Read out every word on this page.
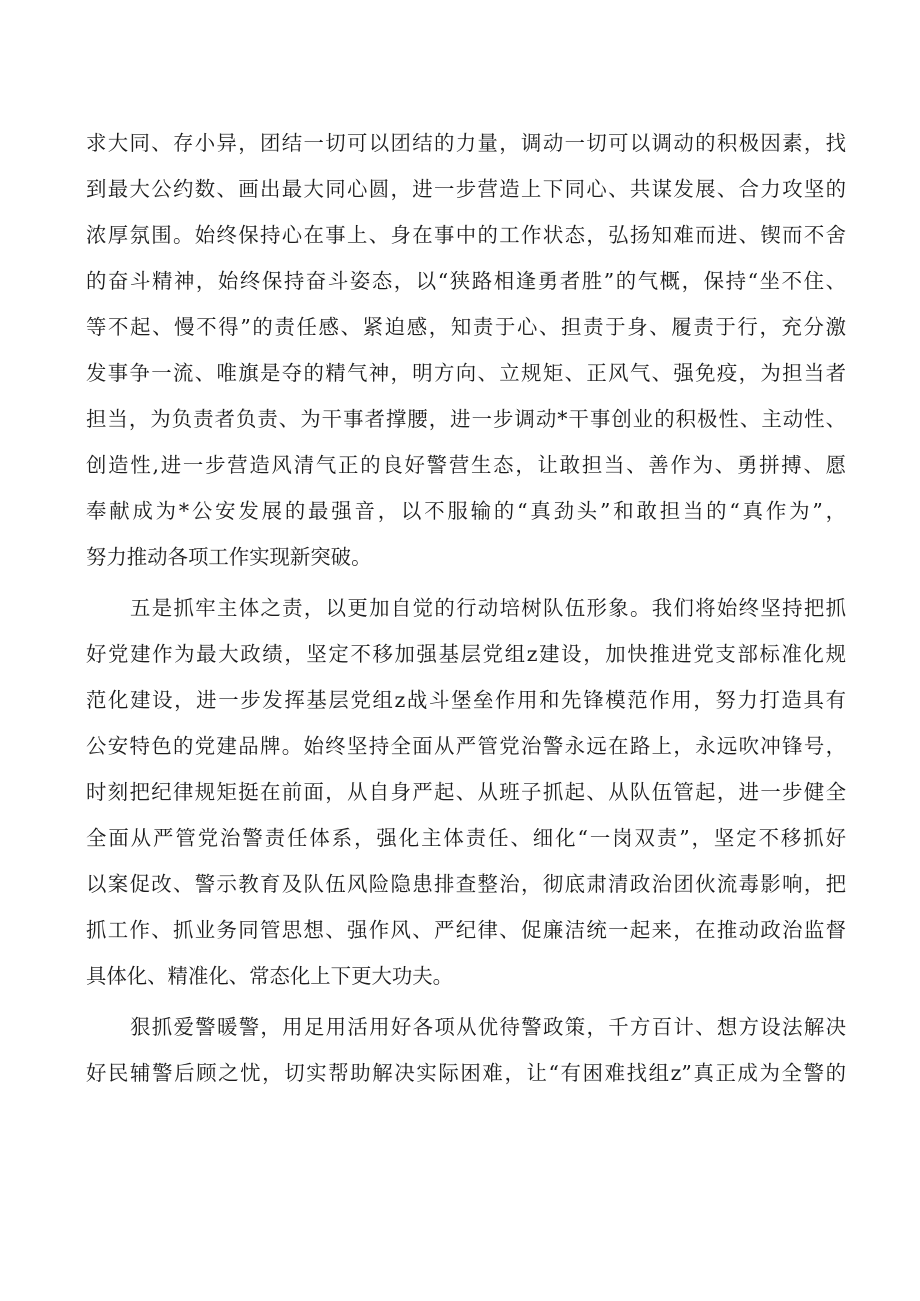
求大同、存小异，团结一切可以团结的力量，调动一切可以调动的积极因素，找

到最大公约数、画出最大同心圆，进一步营造上下同心、共谋发展、合力攻坚的

浓厚氛围。始终保持心在事上、身在事中的工作状态，弘扬知难而进、锲而不舍

的奋斗精神，始终保持奋斗姿态，以“狭路相逢勇者胜”的气概，保持“坐不住、

等不起、慢不得”的责任感、紧迫感，知责于心、担责于身、履责于行，充分激

发事争一流、唯旗是夺的精气神，明方向、立规矩、正风气、强免疫，为担当者

担当，为负责者负责、为干事者撑腰，进一步调动*干事创业的积极性、主动性、

创造性,进一步营造风清气正的良好警营生态，让敢担当、善作为、勇拼搏、愿

奉献成为*公安发展的最强音，以不服输的“真劲头”和敢担当的“真作为”，

努力推动各项工作实现新突破。

五是抓牢主体之责，以更加自觉的行动培树队伍形象。我们将始终坚持把抓

好党建作为最大政绩，坚定不移加强基层党组z建设，加快推进党支部标准化规

范化建设，进一步发挥基层党组z战斗堡垒作用和先锋模范作用，努力打造具有

公安特色的党建品牌。始终坚持全面从严管党治警永远在路上，永远吹冲锋号，

时刻把纪律规矩挺在前面，从自身严起、从班子抓起、从队伍管起，进一步健全

全面从严管党治警责任体系，强化主体责任、细化“一岗双责”，坚定不移抓好

以案促改、警示教育及队伍风险隐患排查整治，彻底肃清政治团伙流毒影响，把

抓工作、抓业务同管思想、强作风、严纪律、促廉洁统一起来，在推动政治监督

具体化、精准化、常态化上下更大功夫。

狠抓爱警暖警，用足用活用好各项从优待警政策，千方百计、想方设法解决

好民辅警后顾之忧，切实帮助解决实际困难，让“有困难找组z”真正成为全警的
